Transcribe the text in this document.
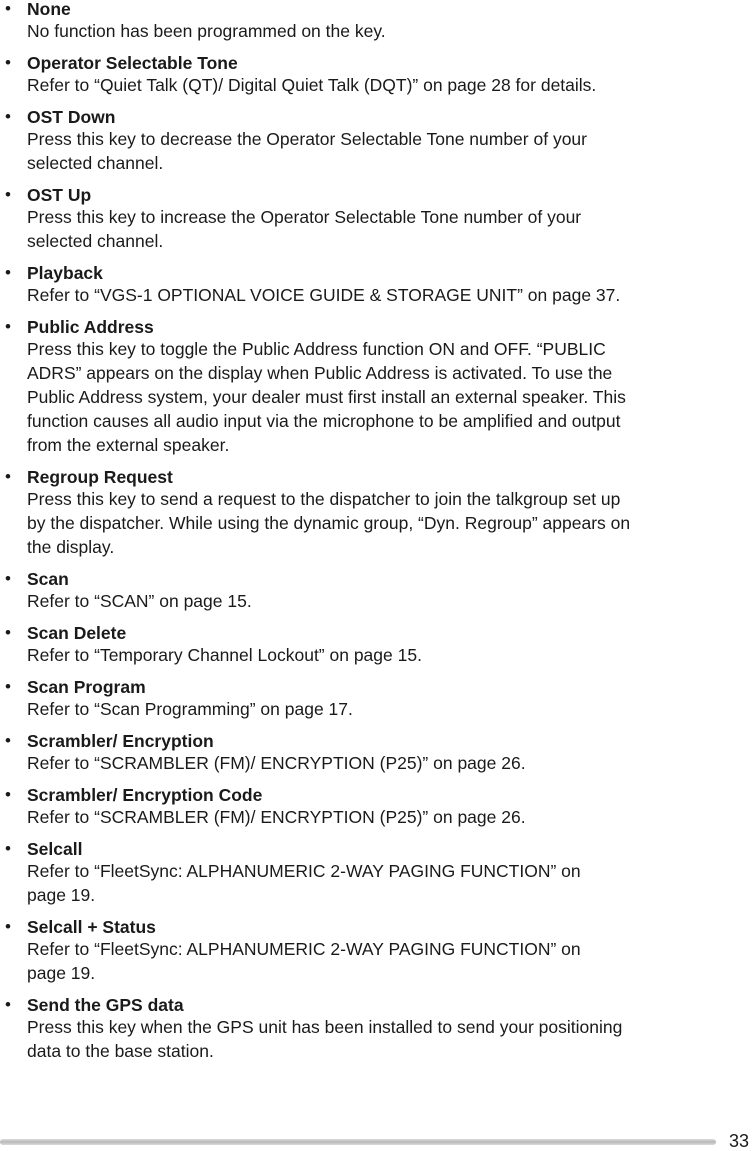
• None
No function has been programmed on the key.
• Operator Selectable Tone
Refer to “Quiet Talk (QT)/ Digital Quiet Talk (DQT)” on page 28 for details.
• OST Down
Press this key to decrease the Operator Selectable Tone number of your
selected channel.
• OST Up
Press this key to increase the Operator Selectable Tone number of your
selected channel.
• Playback
Refer to “VGS-1 OPTIONAL VOICE GUIDE & STORAGE UNIT” on page 37.
• Public Address
Press this key to toggle the Public Address function ON and OFF. “PUBLIC
ADRS” appears on the display when Public Address is activated. To use the
Public Address system, your dealer must first install an external speaker. This
function causes all audio input via the microphone to be amplified and output
from the external speaker.
• Regroup Request
Press this key to send a request to the dispatcher to join the talkgroup set up
by the dispatcher. While using the dynamic group, “Dyn. Regroup” appears on
the display.
• Scan
Refer to “SCAN” on page 15.
• Scan Delete
Refer to “Temporary Channel Lockout” on page 15.
• Scan Program
Refer to “Scan Programming” on page 17.
• Scrambler/ Encryption
Refer to “SCRAMBLER (FM)/ ENCRYPTION (P25)” on page 26.
• Scrambler/ Encryption Code
Refer to “SCRAMBLER (FM)/ ENCRYPTION (P25)” on page 26.
• Selcall
Refer to “FleetSync: ALPHANUMERIC 2-WAY PAGING FUNCTION” on
page 19.
• Selcall + Status
Refer to “FleetSync: ALPHANUMERIC 2-WAY PAGING FUNCTION” on
page 19.
• Send the GPS data
Press this key when the GPS unit has been installed to send your positioning
data to the base station.
33
